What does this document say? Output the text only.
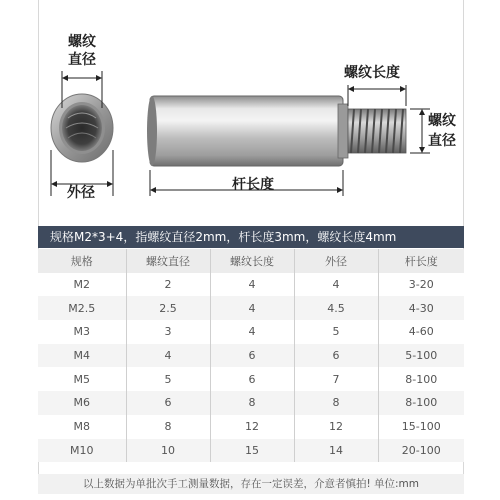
螺纹
直径
外径
螺纹长度
螺纹
直径
杆长度
规格M2*3+4，指螺纹直径2mm，杆长度3mm，螺纹长度4mm
规格	螺纹直径	螺纹长度	外径	杆长度
M2	2	4	4	3-20
M2.5	2.5	4	4.5	4-30
M3	3	4	5	4-60
M4	4	6	6	5-100
M5	5	6	7	8-100
M6	6	8	8	8-100
M8	8	12	12	15-100
M10	10	15	14	20-100
以上数据为单批次手工测量数据，存在一定误差，介意者慎拍! 单位:mm
